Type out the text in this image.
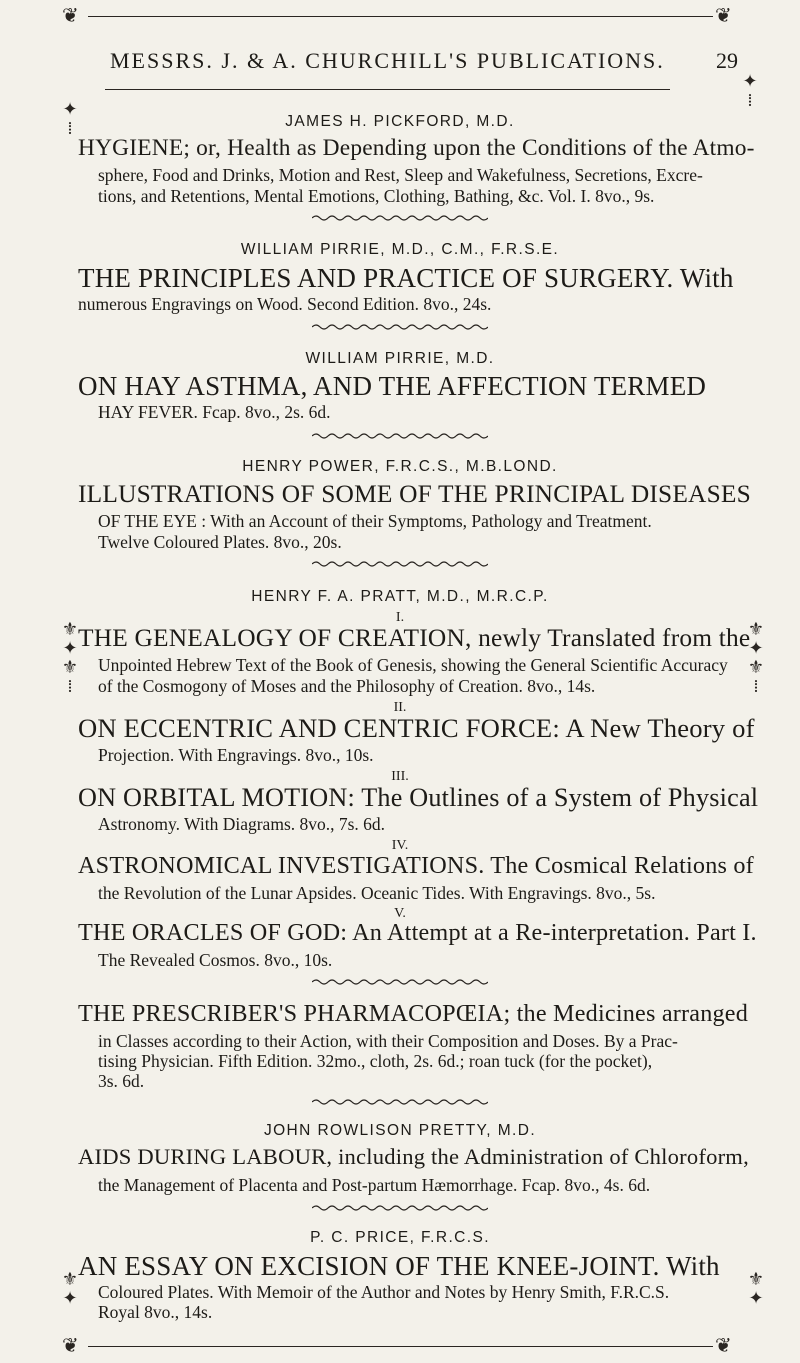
❦	❦
❦	❦
✦
⁞
✦
⁞
⚜
✦
⚜
⁞
⚜
✦
⚜
⁞
⚜
✦
⚜
✦
MESSRS. J. & A. CHURCHILL'S PUBLICATIONS. 29
JAMES H. PICKFORD, M.D.
HYGIENE; or, Health as Depending upon the Conditions of the Atmo-
sphere, Food and Drinks, Motion and Rest, Sleep and Wakefulness, Secretions, Excre-
tions, and Retentions, Mental Emotions, Clothing, Bathing, &c. Vol. I. 8vo., 9s.
WILLIAM PIRRIE, M.D., C.M., F.R.S.E.
THE PRINCIPLES AND PRACTICE OF SURGERY. With
numerous Engravings on Wood. Second Edition. 8vo., 24s.
WILLIAM PIRRIE, M.D.
ON HAY ASTHMA, AND THE AFFECTION TERMED
HAY FEVER. Fcap. 8vo., 2s. 6d.
HENRY POWER, F.R.C.S., M.B.LOND.
ILLUSTRATIONS OF SOME OF THE PRINCIPAL DISEASES
OF THE EYE : With an Account of their Symptoms, Pathology and Treatment.
Twelve Coloured Plates. 8vo., 20s.
HENRY F. A. PRATT, M.D., M.R.C.P.
I.
THE GENEALOGY OF CREATION, newly Translated from the
Unpointed Hebrew Text of the Book of Genesis, showing the General Scientific Accuracy
of the Cosmogony of Moses and the Philosophy of Creation. 8vo., 14s.
II.
ON ECCENTRIC AND CENTRIC FORCE: A New Theory of
Projection. With Engravings. 8vo., 10s.
III.
ON ORBITAL MOTION: The Outlines of a System of Physical
Astronomy. With Diagrams. 8vo., 7s. 6d.
IV.
ASTRONOMICAL INVESTIGATIONS. The Cosmical Relations of
the Revolution of the Lunar Apsides. Oceanic Tides. With Engravings. 8vo., 5s.
V.
THE ORACLES OF GOD: An Attempt at a Re-interpretation. Part I.
The Revealed Cosmos. 8vo., 10s.
THE PRESCRIBER'S PHARMACOPŒIA; the Medicines arranged
in Classes according to their Action, with their Composition and Doses. By a Prac-
tising Physician. Fifth Edition. 32mo., cloth, 2s. 6d.; roan tuck (for the pocket),
3s. 6d.
JOHN ROWLISON PRETTY, M.D.
AIDS DURING LABOUR, including the Administration of Chloroform,
the Management of Placenta and Post-partum Hæmorrhage. Fcap. 8vo., 4s. 6d.
P. C. PRICE, F.R.C.S.
AN ESSAY ON EXCISION OF THE KNEE-JOINT. With
Coloured Plates. With Memoir of the Author and Notes by Henry Smith, F.R.C.S.
Royal 8vo., 14s.
